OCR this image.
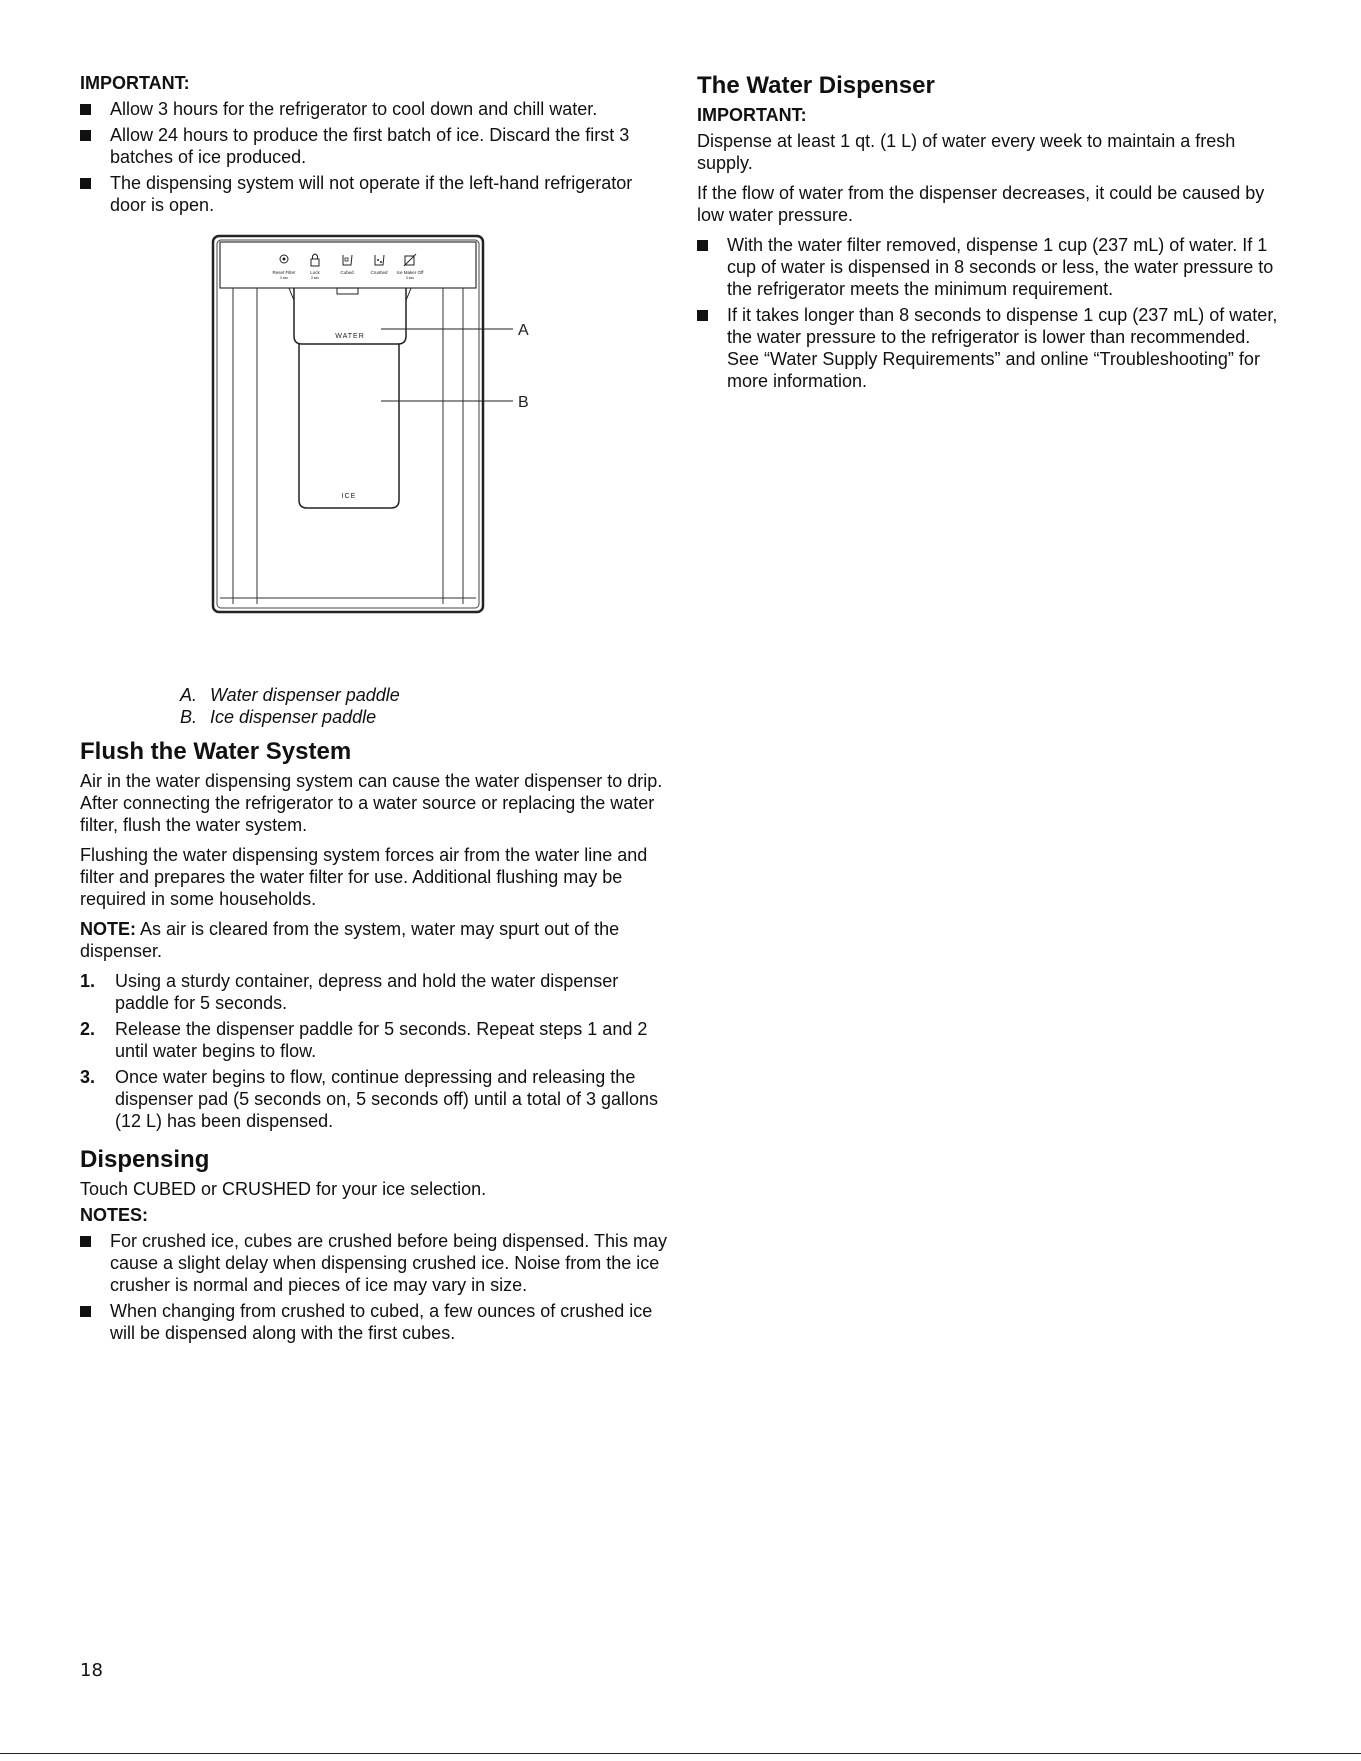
IMPORTANT:
Allow 3 hours for the refrigerator to cool down and chill water.
Allow 24 hours to produce the first batch of ice. Discard the first 3 batches of ice produced.
The dispensing system will not operate if the left-hand refrigerator door is open.
Reset Filter
3 sec
Lock
3 sec
Cubed	Crushed Ice Maker Off
3 sec
WATER
ICE
A
B
A. Water dispenser paddle
B. Ice dispenser paddle
Flush the Water System

Air in the water dispensing system can cause the water dispenser to drip. After connecting the refrigerator to a water source or replacing the water filter, flush the water system.

Flushing the water dispensing system forces air from the water line and filter and prepares the water filter for use. Additional flushing may be required in some households.

NOTE: As air is cleared from the system, water may spurt out of the dispenser.

1. Using a sturdy container, depress and hold the water dispenser paddle for 5 seconds.
2. Release the dispenser paddle for 5 seconds. Repeat steps 1 and 2 until water begins to flow.
3. Once water begins to flow, continue depressing and releasing the dispenser pad (5 seconds on, 5 seconds off) until a total of 3 gallons (12 L) has been dispensed.
Dispensing

Touch CUBED or CRUSHED for your ice selection.

NOTES:
For crushed ice, cubes are crushed before being dispensed. This may cause a slight delay when dispensing crushed ice. Noise from the ice crusher is normal and pieces of ice may vary in size.
When changing from crushed to cubed, a few ounces of crushed ice will be dispensed along with the first cubes.
The Water Dispenser
IMPORTANT:

Dispense at least 1 qt. (1 L) of water every week to maintain a fresh supply.

If the flow of water from the dispenser decreases, it could be caused by low water pressure.

With the water filter removed, dispense 1 cup (237 mL) of water. If 1 cup of water is dispensed in 8 seconds or less, the water pressure to the refrigerator meets the minimum requirement.
If it takes longer than 8 seconds to dispense 1 cup (237 mL) of water, the water pressure to the refrigerator is lower than recommended. See “Water Supply Requirements” and online “Troubleshooting” for more information.
18
